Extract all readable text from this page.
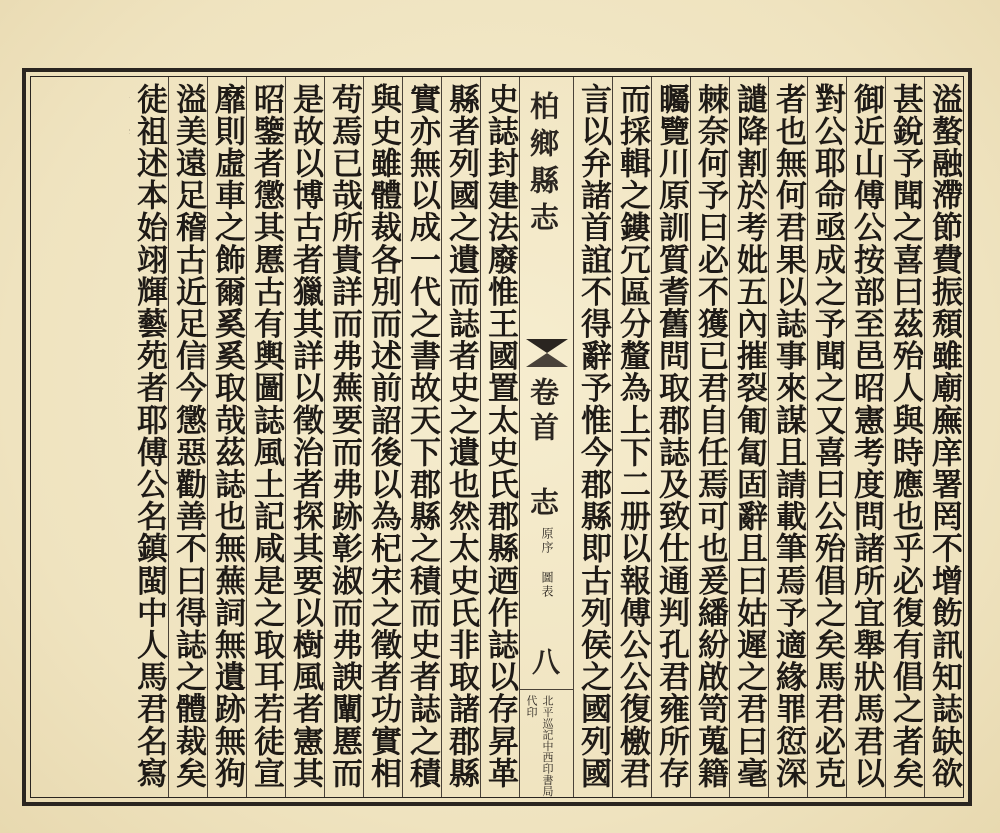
溢螯融滯節費振頹雖廟廡庠署罔不增飭訊知誌缺欲
甚銳予聞之喜曰茲殆人與時應也乎必復有倡之者矣
御近山傅公按部至邑昭憲考度問諸所宜舉狀馬君以
對公耶命亟成之予聞之又喜曰公殆倡之矣馬君必克
者也無何君果以誌事來謀且請載筆焉予適緣罪愆深
譴降割於考妣五內摧裂匍匐固辭且曰姑遲之君曰毫
棘奈何予曰必不獲已君自任焉可也爰繙紛啟笥蒐籍
矚覽川原訓質耆舊問取郡誌及致仕通判孔君雍所存
而採輯之鏤冗區分釐為上下二册以報傅公公復檄君
言以弁諸首誼不得辭予惟今郡縣即古列侯之國列國
柏鄉縣志
卷首 志
原序 圖表
八
北平巡記中西印書局代印
史誌封建法廢惟王國置太史氏郡縣迺作誌以存昇革
縣者列國之遺而誌者史之遺也然太史氏非取諸郡縣
實亦無以成一代之書故天下郡縣之積而史者誌之積
與史雖體裁各別而述前詔後以為杞宋之徵者功實相
苟焉已哉所貴詳而弗蕪要而弗跡彰淑而弗諛闡慝而
是故以博古者獵其詳以徵治者探其要以樹風者憲其
昭鑒者懲其慝古有輿圖誌風土記咸是之取耳若徒宣
靡則虛車之飾爾奚奚取哉茲誌也無蕪詞無遺跡無狗
溢美遠足稽古近足信今懲惡勸善不曰得誌之體裁矣
徒祖述本始翊輝藝苑者耶傅公名鎮閩中人馬君名寫
